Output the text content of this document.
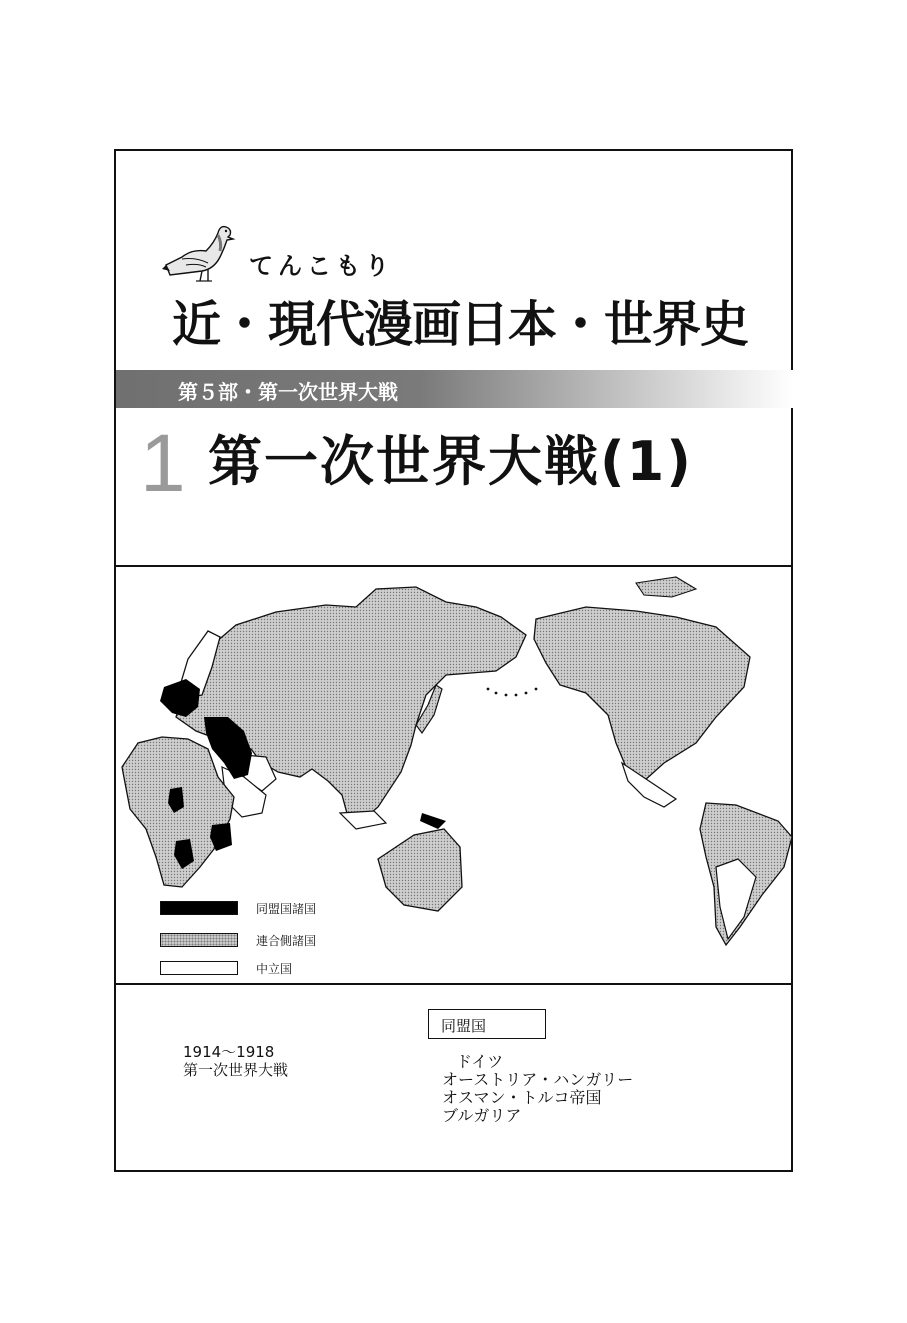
てんこもり
近・現代漫画日本・世界史
第５部・第一次世界大戦
1 第一次世界大戦(1)
同盟国諸国
連合側諸国
中立国
1914〜1918
第一次世界大戦
同盟国
ドイツ
オーストリア・ハンガリー
オスマン・トルコ帝国
ブルガリア
